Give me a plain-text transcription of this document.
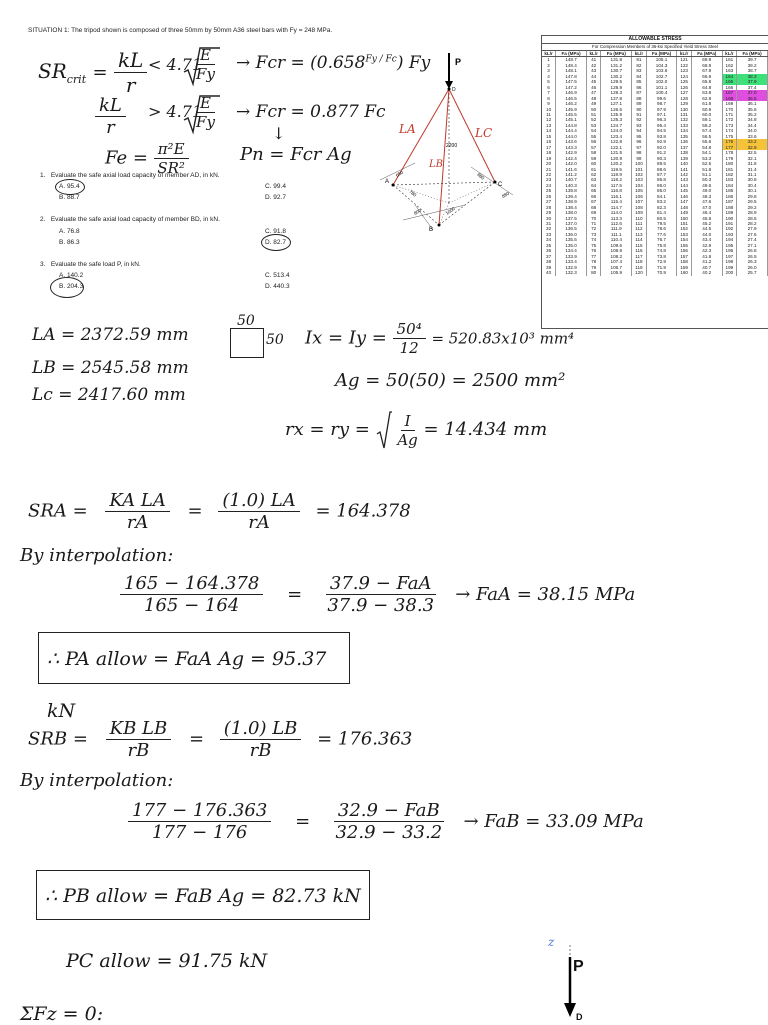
SITUATION 1: The tripod shown is composed of three 50mm by 50mm A36 steel bars with Fy = 248 MPa.
$SR_{crit} = \frac{kL}{r} < 4.71$
$\frac{E}{Fy}$ → Fcr = $(0.658^{Fy / Fc})$ Fy
$\frac{kL}{r} > 4.71$
$\frac{E}{Fy}$ → Fcr = 0.877 Fc
$Fe = \frac{\text{π²E}}{\text{SR²}}$
↓
Pn = Fcr Ag
1. Evaluate the safe axial load capacity of member AD, in kN.
A. 95.4
B. 88.7
C. 99.4
D. 92.7
2. Evaluate the safe axial load capacity of member BD, in kN.
A. 76.8
B. 86.3
C. 91.8
D. 82.7
3. Evaluate the safe load P, in kN.
A. 140.2
B. 204.3
C. 513.4
D. 440.3
P
D
A
B
C
LA
LB
LC
2200
650
780
800	1000
880
880
ALLOWABLE STRESS
For Compression Members of 36-ksi Specified Yield Stress Steel
kL/r	Fa (MPa)	kL/r	Fa (MPa)	kL/r	Fa (MPa)	kL/r	Fa (MPa)	kL/r	Fa (MPa)
1	148.7	41	131.8	81	105.1	121	69.9	161	39.7
2	148.4	42	131.2	82	104.3	122	68.9	162	39.2
3	148.1	43	130.7	83	103.6	123	67.9	163	38.7
4	147.8	44	130.2	84	102.7	124	66.9	164	38.3
5	147.5	45	129.5	85	102.0	125	65.8	165	37.9
6	147.2	46	128.9	86	101.1	126	64.8	166	37.4
7	146.9	47	128.3	87	100.4	127	63.8	167	37.0
8	146.5	48	127.8	88	99.6	128	62.8	168	36.5
9	146.2	49	127.1	89	98.7	129	61.8	169	36.1
10	145.9	50	126.5	90	97.9	130	60.9	170	35.6
11	145.5	51	125.9	91	97.1	131	60.0	171	35.2
12	145.1	52	125.3	92	96.3	132	59.1	172	34.8
13	144.8	53	124.7	93	95.4	133	58.2	173	34.4
14	144.4	54	124.0	94	94.5	134	57.4	174	34.0
15	144.0	55	123.4	95	93.8	135	56.5	175	33.6
16	143.6	56	122.8	96	92.9	136	55.6	176	33.2
17	143.3	57	122.1	97	92.0	137	54.8	177	32.9
18	142.9	58	121.5	98	91.2	138	54.1	178	32.5
19	142.4	59	120.9	99	90.3	139	53.3	179	32.1
20	142.0	60	120.2	100	89.5	140	52.5	180	31.8
21	141.6	61	119.5	101	88.6	141	51.8	181	31.4
22	141.2	62	118.9	102	87.7	142	51.1	182	31.1
23	140.7	63	118.2	103	86.8	143	50.3	183	30.8
24	140.3	64	117.5	104	86.0	144	49.6	184	30.4
25	139.8	65	116.8	105	85.0	145	49.0	185	30.1
26	139.4	66	116.1	106	84.1	146	48.3	186	29.8
27	138.9	67	115.4	107	83.2	147	47.6	187	29.5
28	138.4	68	114.7	108	82.3	148	47.0	188	29.2
29	138.0	69	114.0	109	81.4	149	46.4	189	28.9
30	137.5	70	113.3	110	80.5	150	45.8	190	28.5
31	137.0	71	112.6	111	79.5	151	45.2	191	28.2
32	136.5	72	111.9	112	78.6	152	44.5	192	27.9
33	136.0	73	111.1	113	77.6	153	44.0	193	27.6
34	135.5	74	110.4	114	76.7	154	43.4	194	27.4
35	135.0	75	109.6	115	75.8	155	42.9	195	27.1
36	134.4	76	108.9	116	74.8	156	42.3	196	26.8
37	133.9	77	108.2	117	73.8	157	41.8	197	26.5
38	133.4	78	107.4	118	72.9	158	41.2	198	26.3
39	132.9	79	106.7	119	71.9	159	40.7	199	26.0
40	132.3	80	105.9	120	70.9	160	40.2	200	25.7
LA = 2372.59 mm
LB = 2545.58 mm
Lc = 2417.60 mm
50
50 $Ix = Iy = \frac{\text{50⁴}}{12} = 520.83x10^3$ mm⁴
Ag = 50(50) = 2500 mm²
rx = ry = $\frac{I}{Ag} = 14.434$ mm
SRA = $\frac{\text{KA LA}}{rA} = \frac{(1.0) LA}{rA} = 164.378$
By interpolation:
$\frac{165 - 164.378}{165 - 164} = \frac{\text{37.9 − FaA}}{37.9 - 38.3}$ → FaA = 38.15 MPa
∴ PA allow = FaA Ag = 95.37 kN
SRB = $\frac{\text{KB LB}}{rB} = \frac{(1.0) LB}{rB} = 176.363$
By interpolation:
$\frac{177 - 176.363}{177 - 176} = \frac{\text{32.9 − FaB}}{32.9 - 33.2}$ → FaB = 33.09 MPa
∴ PB allow = FaB Ag = 82.73 kN
PC allow = 91.75 kN
ΣFz = 0:
z
P
D
